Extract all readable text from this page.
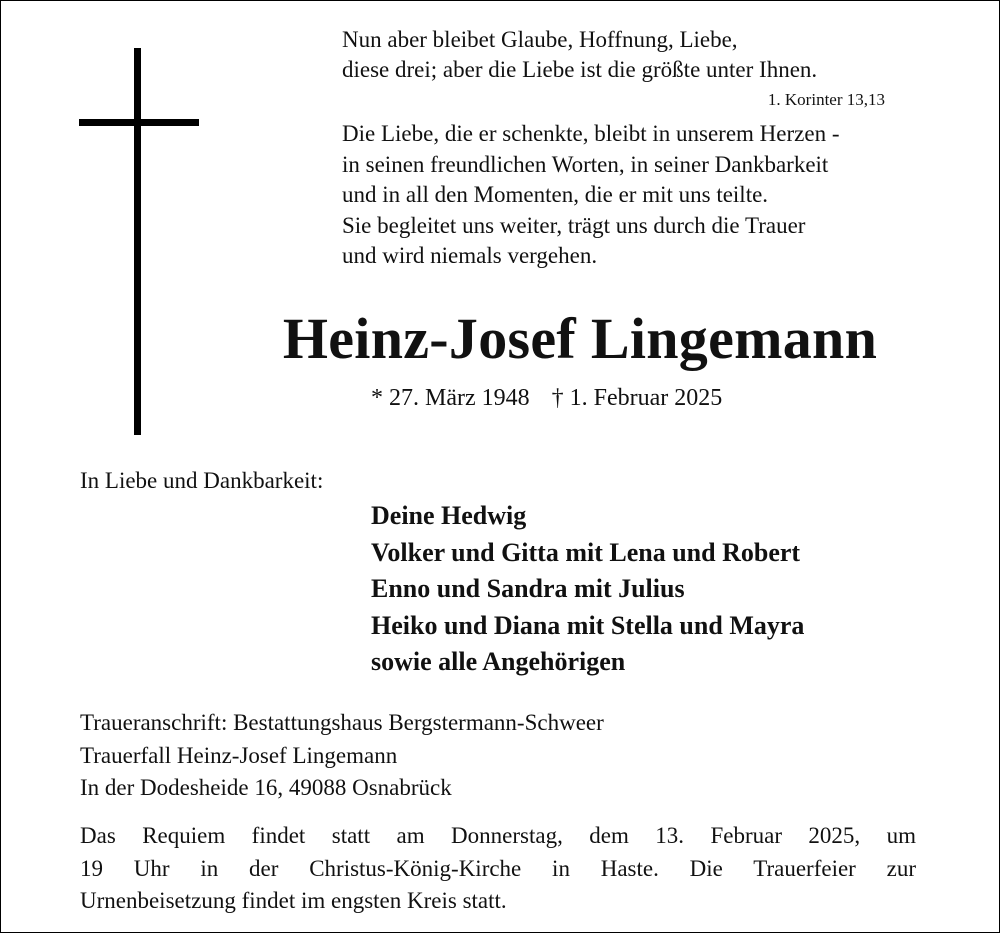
Nun aber bleibet Glaube, Hoffnung, Liebe,
diese drei; aber die Liebe ist die größte unter Ihnen.
1. Korinter 13,13
Die Liebe, die er schenkte, bleibt in unserem Herzen -
in seinen freundlichen Worten, in seiner Dankbarkeit
und in all den Momenten, die er mit uns teilte.
Sie begleitet uns weiter, trägt uns durch die Trauer
und wird niemals vergehen.
Heinz-Josef Lingemann
* 27. März 1948 † 1. Februar 2025
In Liebe und Dankbarkeit:
Deine Hedwig
Volker und Gitta mit Lena und Robert
Enno und Sandra mit Julius
Heiko und Diana mit Stella und Mayra
sowie alle Angehörigen
Traueranschrift: Bestattungshaus Bergstermann-Schweer
Trauerfall Heinz-Josef Lingemann
In der Dodesheide 16, 49088 Osnabrück
Das Requiem findet statt am Donnerstag, dem 13. Februar 2025, um
19 Uhr in der Christus-König-Kirche in Haste. Die Trauerfeier zur
Urnenbeisetzung findet im engsten Kreis statt.
